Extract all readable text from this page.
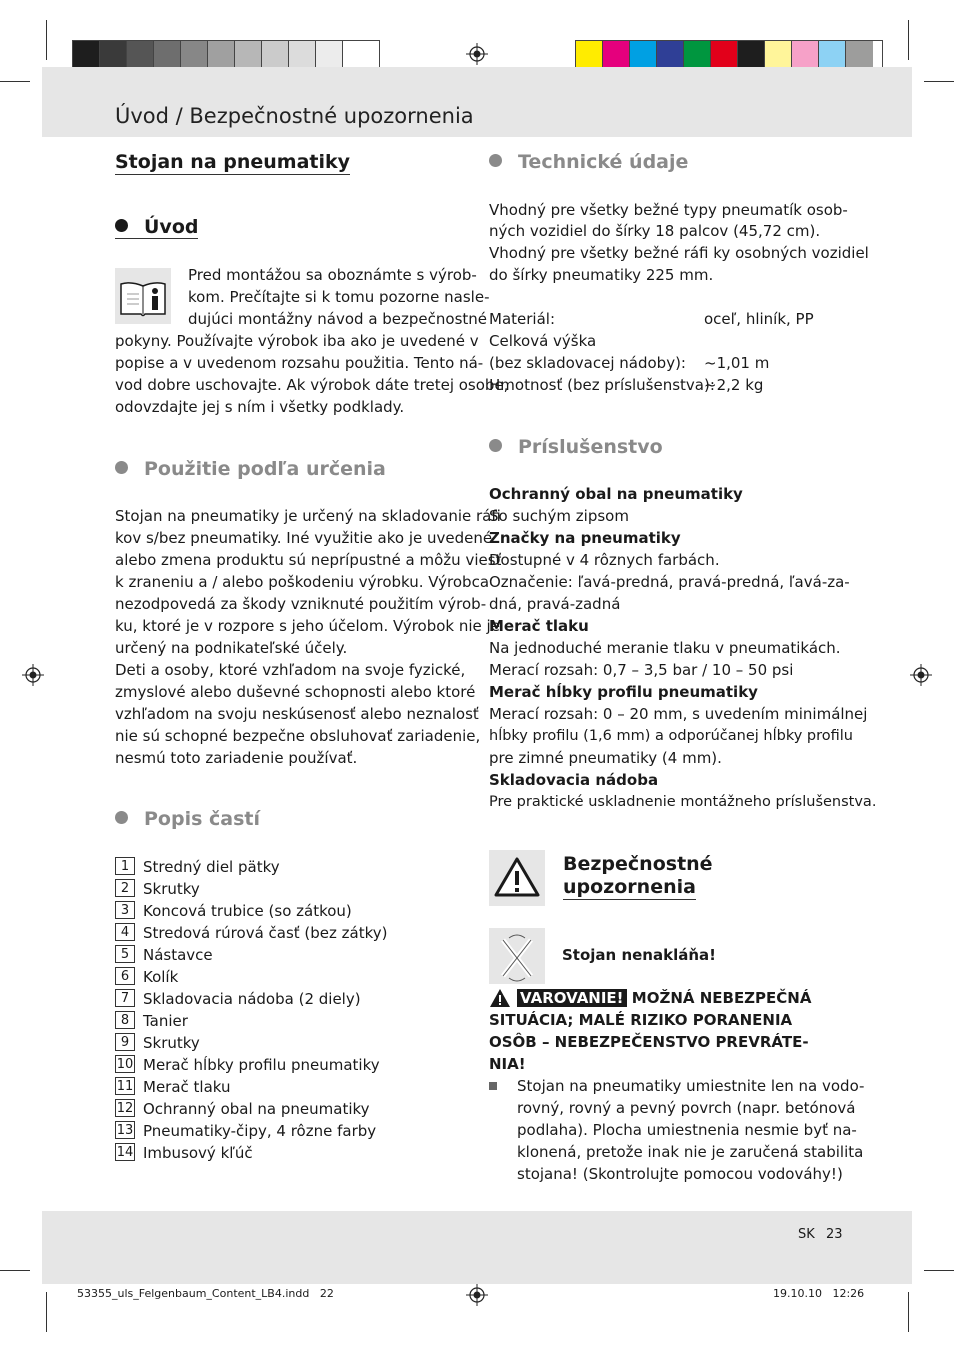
Úvod / Bezpečnostné upozornenia
Stojan na pneumatiky
Úvod
Pred montážou sa oboznámte s výrob-
kom. Prečítajte si k tomu pozorne nasle-
dujúci montážny návod a bezpečnostné
pokyny. Používajte výrobok iba ako je uvedené v
popise a v uvedenom rozsahu použitia. Tento ná-
vod dobre uschovajte. Ak výrobok dáte tretej osobe,
odovzdajte jej s ním i všetky podklady.
Použitie podľa určenia
Stojan na pneumatiky je určený na skladovanie ráfi
kov s/bez pneumatiky. Iné využitie ako je uvedené
alebo zmena produktu sú neprípustné a môžu viesť
k zraneniu a / alebo poškodeniu výrobku. Výrobca
nezodpovedá za škody vzniknuté použitím výrob-
ku, ktoré je v rozpore s jeho účelom. Výrobok nie je
určený na podnikateľské účely.
Deti a osoby, ktoré vzhľadom na svoje fyzické,
zmyslové alebo duševné schopnosti alebo ktoré
vzhľadom na svoju neskúsenosť alebo neznalosť
nie sú schopné bezpečne obsluhovať zariadenie,
nesmú toto zariadenie používať.
Popis častí
1 Stredný diel pätky
2 Skrutky
3 Koncová trubice (so zátkou)
4 Stredová rúrová časť (bez zátky)
5 Nástavce
6 Kolík
7 Skladovacia nádoba (2 diely)
8 Tanier
9 Skrutky
10 Merač hĺbky profilu pneumatiky
11 Merač tlaku
12 Ochranný obal na pneumatiky
13 Pneumatiky-čipy, 4 rôzne farby
14 Imbusový kľúč
Technické údaje
Vhodný pre všetky bežné typy pneumatík osob-
ných vozidiel do šírky 18 palcov (45,72 cm).
Vhodný pre všetky bežné ráfi ky osobných vozidiel
do šírky pneumatiky 225 mm.
Materiál:	oceľ, hliník, PP
Celková výška
(bez skladovacej nádoby): ~1,01 m
Hmotnosť (bez príslušenstva):
~2,2 kg
Príslušenstvo
Ochranný obal na pneumatiky
So suchým zipsom
Značky na pneumatiky
Dostupné v 4 rôznych farbách.
Označenie: ľavá-predná, pravá-predná, ľavá-za-
dná, pravá-zadná
Merač tlaku
Na jednoduché meranie tlaku v pneumatikách.
Merací rozsah: 0,7 – 3,5 bar / 10 – 50 psi
Merač hĺbky profilu pneumatiky
Merací rozsah: 0 – 20 mm, s uvedením minimálnej
hĺbky profilu (1,6 mm) a odporúčanej hĺbky profilu
pre zimné pneumatiky (4 mm).
Skladovacia nádoba
Pre praktické uskladnenie montážneho príslušenstva.
Bezpečnostné
upozornenia
Stojan nenakláňa!
VAROVANIE! MOŽNÁ NEBEZPEČNÁ
SITUÁCIA; MALÉ RIZIKO PORANENIA
OSÔB – NEBEZPEČENSTVO PREVRÁTE-
NIA!
Stojan na pneumatiky umiestnite len na vodo-
rovný, rovný a pevný povrch (napr. betónová
podlaha). Plocha umiestnenia nesmie byť na-
klonená, pretože inak nie je zaručená stabilita
stojana! (Skontrolujte pomocou vodováhy!)
SK 23
53355_uls_Felgenbaum_Content_LB4.indd   22	19.10.10   12:26
